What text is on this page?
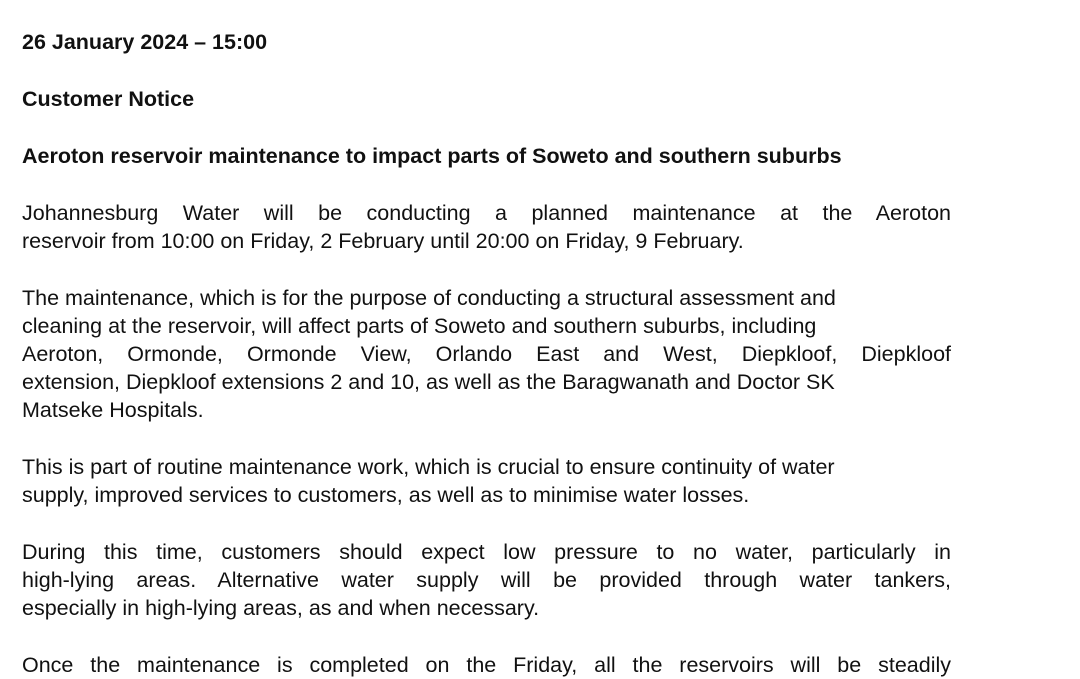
26 January 2024 – 15:00
Customer Notice
Aeroton reservoir maintenance to impact parts of Soweto and southern suburbs
Johannesburg Water will be conducting a planned maintenance at the Aeroton
reservoir from 10:00 on Friday, 2 February until 20:00 on Friday, 9 February.
The maintenance, which is for the purpose of conducting a structural assessment and
cleaning at the reservoir, will affect parts of Soweto and southern suburbs, including
Aeroton, Ormonde, Ormonde View, Orlando East and West, Diepkloof, Diepkloof
extension, Diepkloof extensions 2 and 10, as well as the Baragwanath and Doctor SK
Matseke Hospitals.
This is part of routine maintenance work, which is crucial to ensure continuity of water
supply, improved services to customers, as well as to minimise water losses.
During this time, customers should expect low pressure to no water, particularly in
high-lying areas. Alternative water supply will be provided through water tankers,
especially in high-lying areas, as and when necessary.
Once the maintenance is completed on the Friday, all the reservoirs will be steadily
